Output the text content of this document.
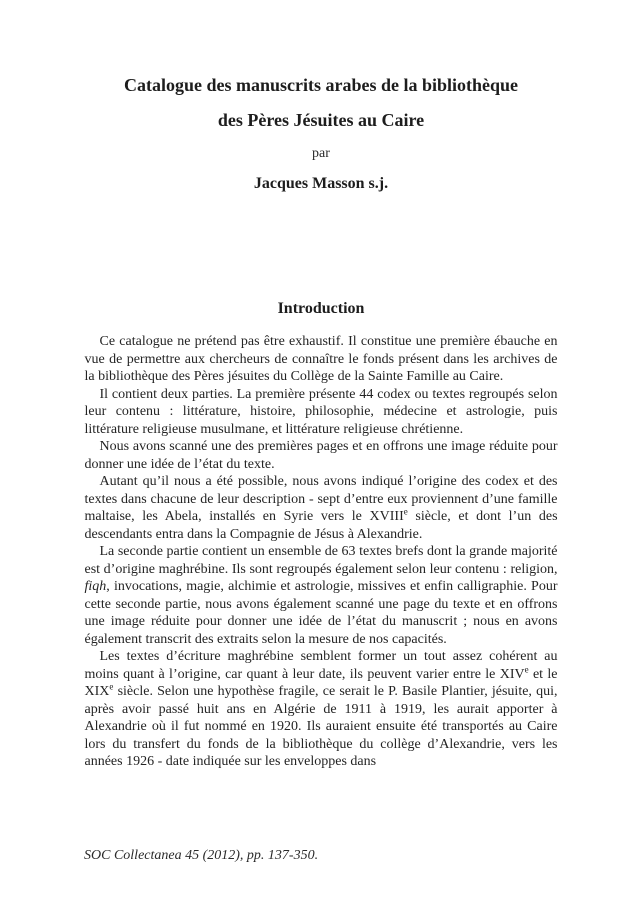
Catalogue des manuscrits arabes de la bibliothèque
des Pères Jésuites au Caire
par
Jacques Masson s.j.
Introduction

Ce catalogue ne prétend pas être exhaustif. Il constitue une première ébauche en vue de permettre aux chercheurs de connaître le fonds présent dans les archives de la bibliothèque des Pères jésuites du Collège de la Sainte Famille au Caire.

Il contient deux parties. La première présente 44 codex ou textes regroupés selon leur contenu : littérature, histoire, philosophie, médecine et astrologie, puis littérature religieuse musulmane, et littérature religieuse chrétienne.

Nous avons scanné une des premières pages et en offrons une image réduite pour donner une idée de l’état du texte.

Autant qu’il nous a été possible, nous avons indiqué l’origine des codex et des textes dans chacune de leur description - sept d’entre eux proviennent d’une famille maltaise, les Abela, installés en Syrie vers le XVIIIe siècle, et dont l’un des descendants entra dans la Compagnie de Jésus à Alexandrie.

La seconde partie contient un ensemble de 63 textes brefs dont la grande majorité est d’origine maghrébine. Ils sont regroupés également selon leur contenu : religion, fiqh, invocations, magie, alchimie et astrologie, missives et enfin calligraphie. Pour cette seconde partie, nous avons également scanné une page du texte et en offrons une image réduite pour donner une idée de l’état du manuscrit ; nous en avons également transcrit des extraits selon la mesure de nos capacités.

Les textes d’écriture maghrébine semblent former un tout assez cohérent au moins quant à l’origine, car quant à leur date, ils peuvent varier entre le XIVe et le XIXe siècle. Selon une hypothèse fragile, ce serait le P. Basile Plantier, jésuite, qui, après avoir passé huit ans en Algérie de 1911 à 1919, les aurait apporter à Alexandrie où il fut nommé en 1920. Ils auraient ensuite été transportés au Caire lors du transfert du fonds de la bibliothèque du collège d’Alexandrie, vers les années 1926 - date indiquée sur les enveloppes dans

SOC Collectanea 45 (2012), pp. 137-350.
